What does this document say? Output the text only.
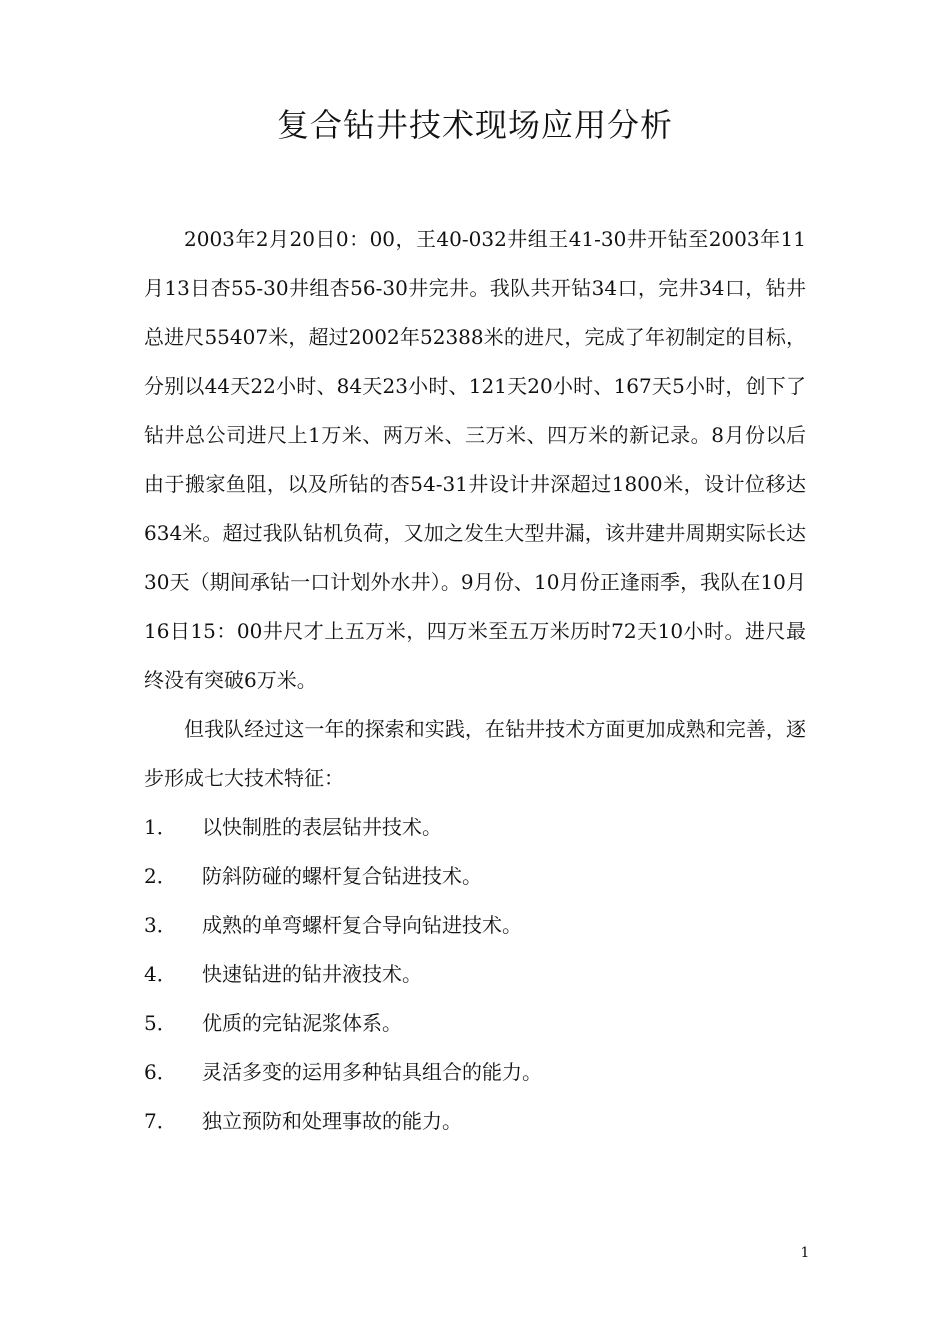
复合钻井技术现场应用分析

2003年2月20日0：00，王40-032井组王41-30井开钻至2003年11月13日杏55-30井组杏56-30井完井。我队共开钻34口，完井34口，钻井总进尺55407米，超过2002年52388米的进尺，完成了年初制定的目标，分别以44天22小时、84天23小时、121天20小时、167天5小时，创下了钻井总公司进尺上1万米、两万米、三万米、四万米的新记录。8月份以后由于搬家鱼阻，以及所钻的杏54-31井设计井深超过1800米，设计位移达634米。超过我队钻机负荷，又加之发生大型井漏，该井建井周期实际长达30天（期间承钻一口计划外水井）。9月份、10月份正逢雨季，我队在10月16日15：00井尺才上五万米，四万米至五万米历时72天10小时。进尺最终没有突破6万米。

但我队经过这一年的探索和实践，在钻井技术方面更加成熟和完善，逐步形成七大技术特征：

1．	以快制胜的表层钻井技术。
2．	防斜防碰的螺杆复合钻进技术。
3．	成熟的单弯螺杆复合导向钻进技术。
4．	快速钻进的钻井液技术。
5．	优质的完钻泥浆体系。
6．	灵活多变的运用多种钻具组合的能力。
7．	独立预防和处理事故的能力。
1
